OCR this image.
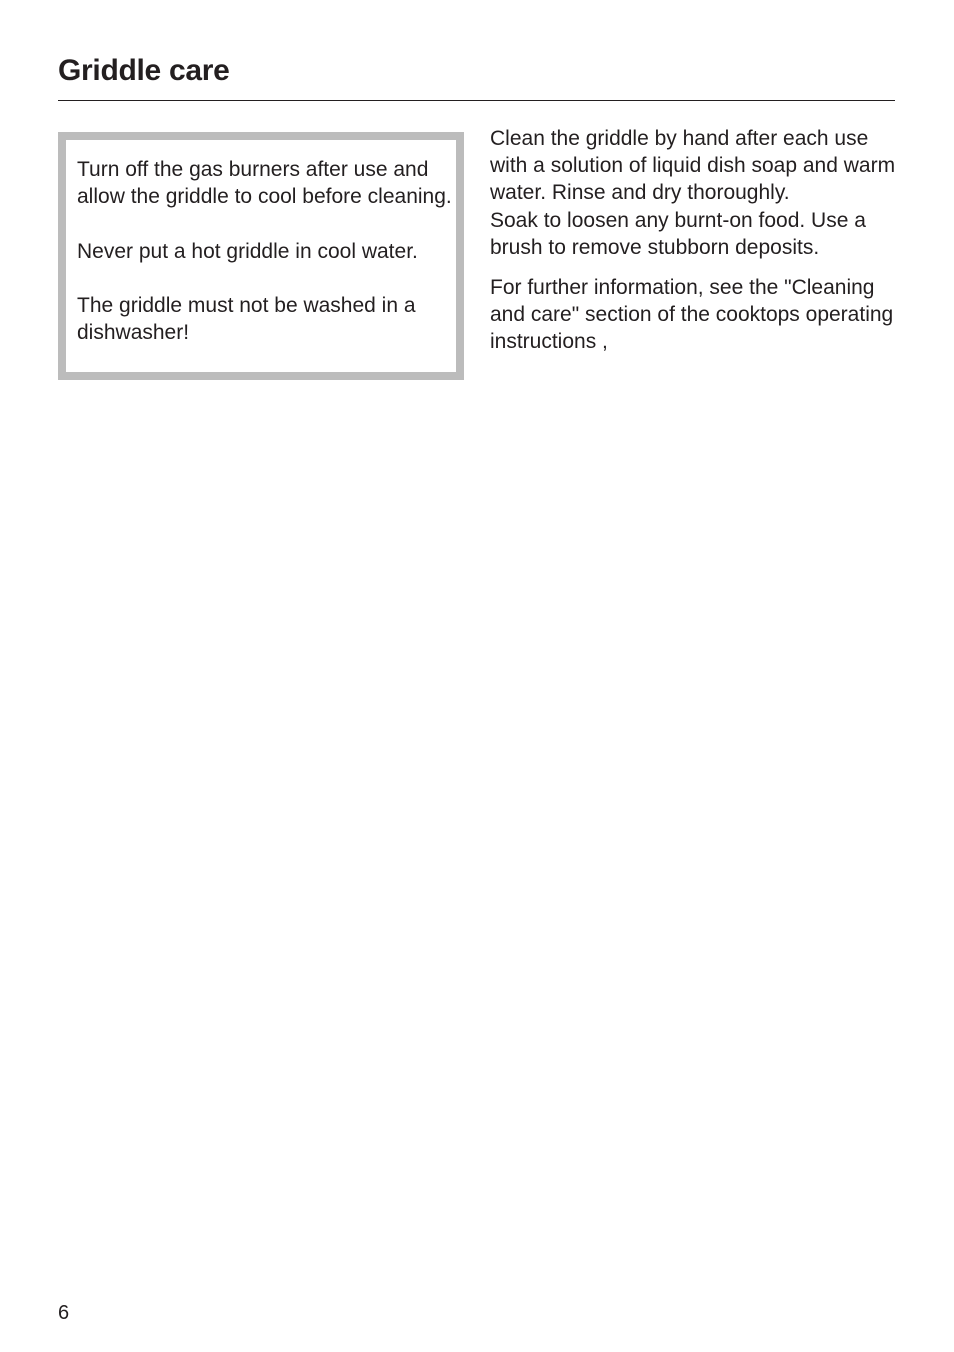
Griddle care

Turn off the gas burners after use and allow the griddle to cool before cleaning.

Never put a hot griddle in cool water.

The griddle must not be washed in a dishwasher!

Clean the griddle by hand after each use with a solution of liquid dish soap and warm water. Rinse and dry thoroughly.

Soak to loosen any burnt-on food. Use a brush to remove stubborn deposits.

For further information, see the "Cleaning and care" section of the cooktops operating instructions ,

6
